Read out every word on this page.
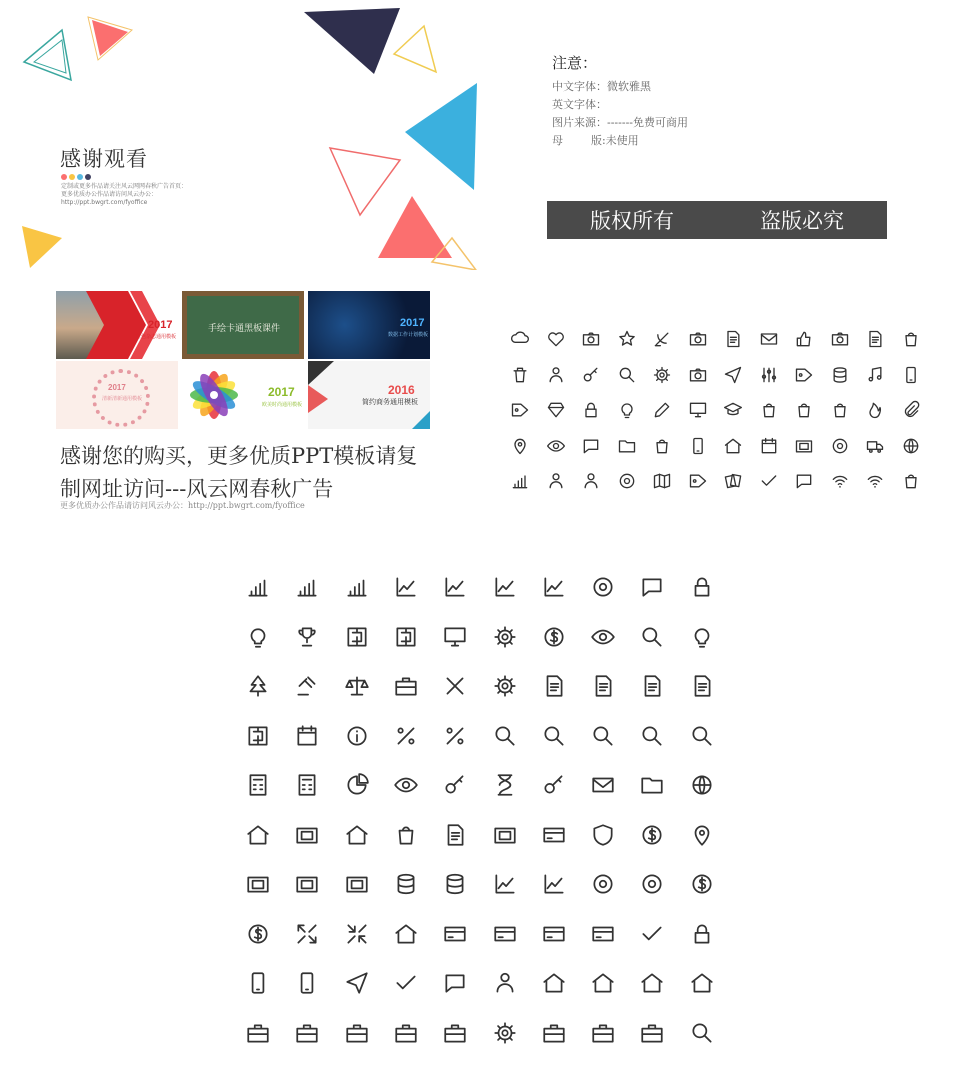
感谢观看
定制或更多作品请关注风云网网春秋广告首页：
更多优质办公作品请访问风云办公：
http://ppt.bwgrt.com/fyoffice
注意：
中文字体：微软雅黑
英文字体：
图片来源：-------免费可商用
母        版:未使用
版权所有	盗版必究
2017
红色杂志通用模板
手绘卡通黑板课件	2017
数据工作计划模板
2017
清新清新通用模板	2017
欧美时尚通用模板
2016
简约商务通用模板
感谢您的购买，更多优质PPT模板请复制网址访问---风云网春秋广告
更多优质办公作品请访问风云办公：http://ppt.bwgrt.com/fyoffice
